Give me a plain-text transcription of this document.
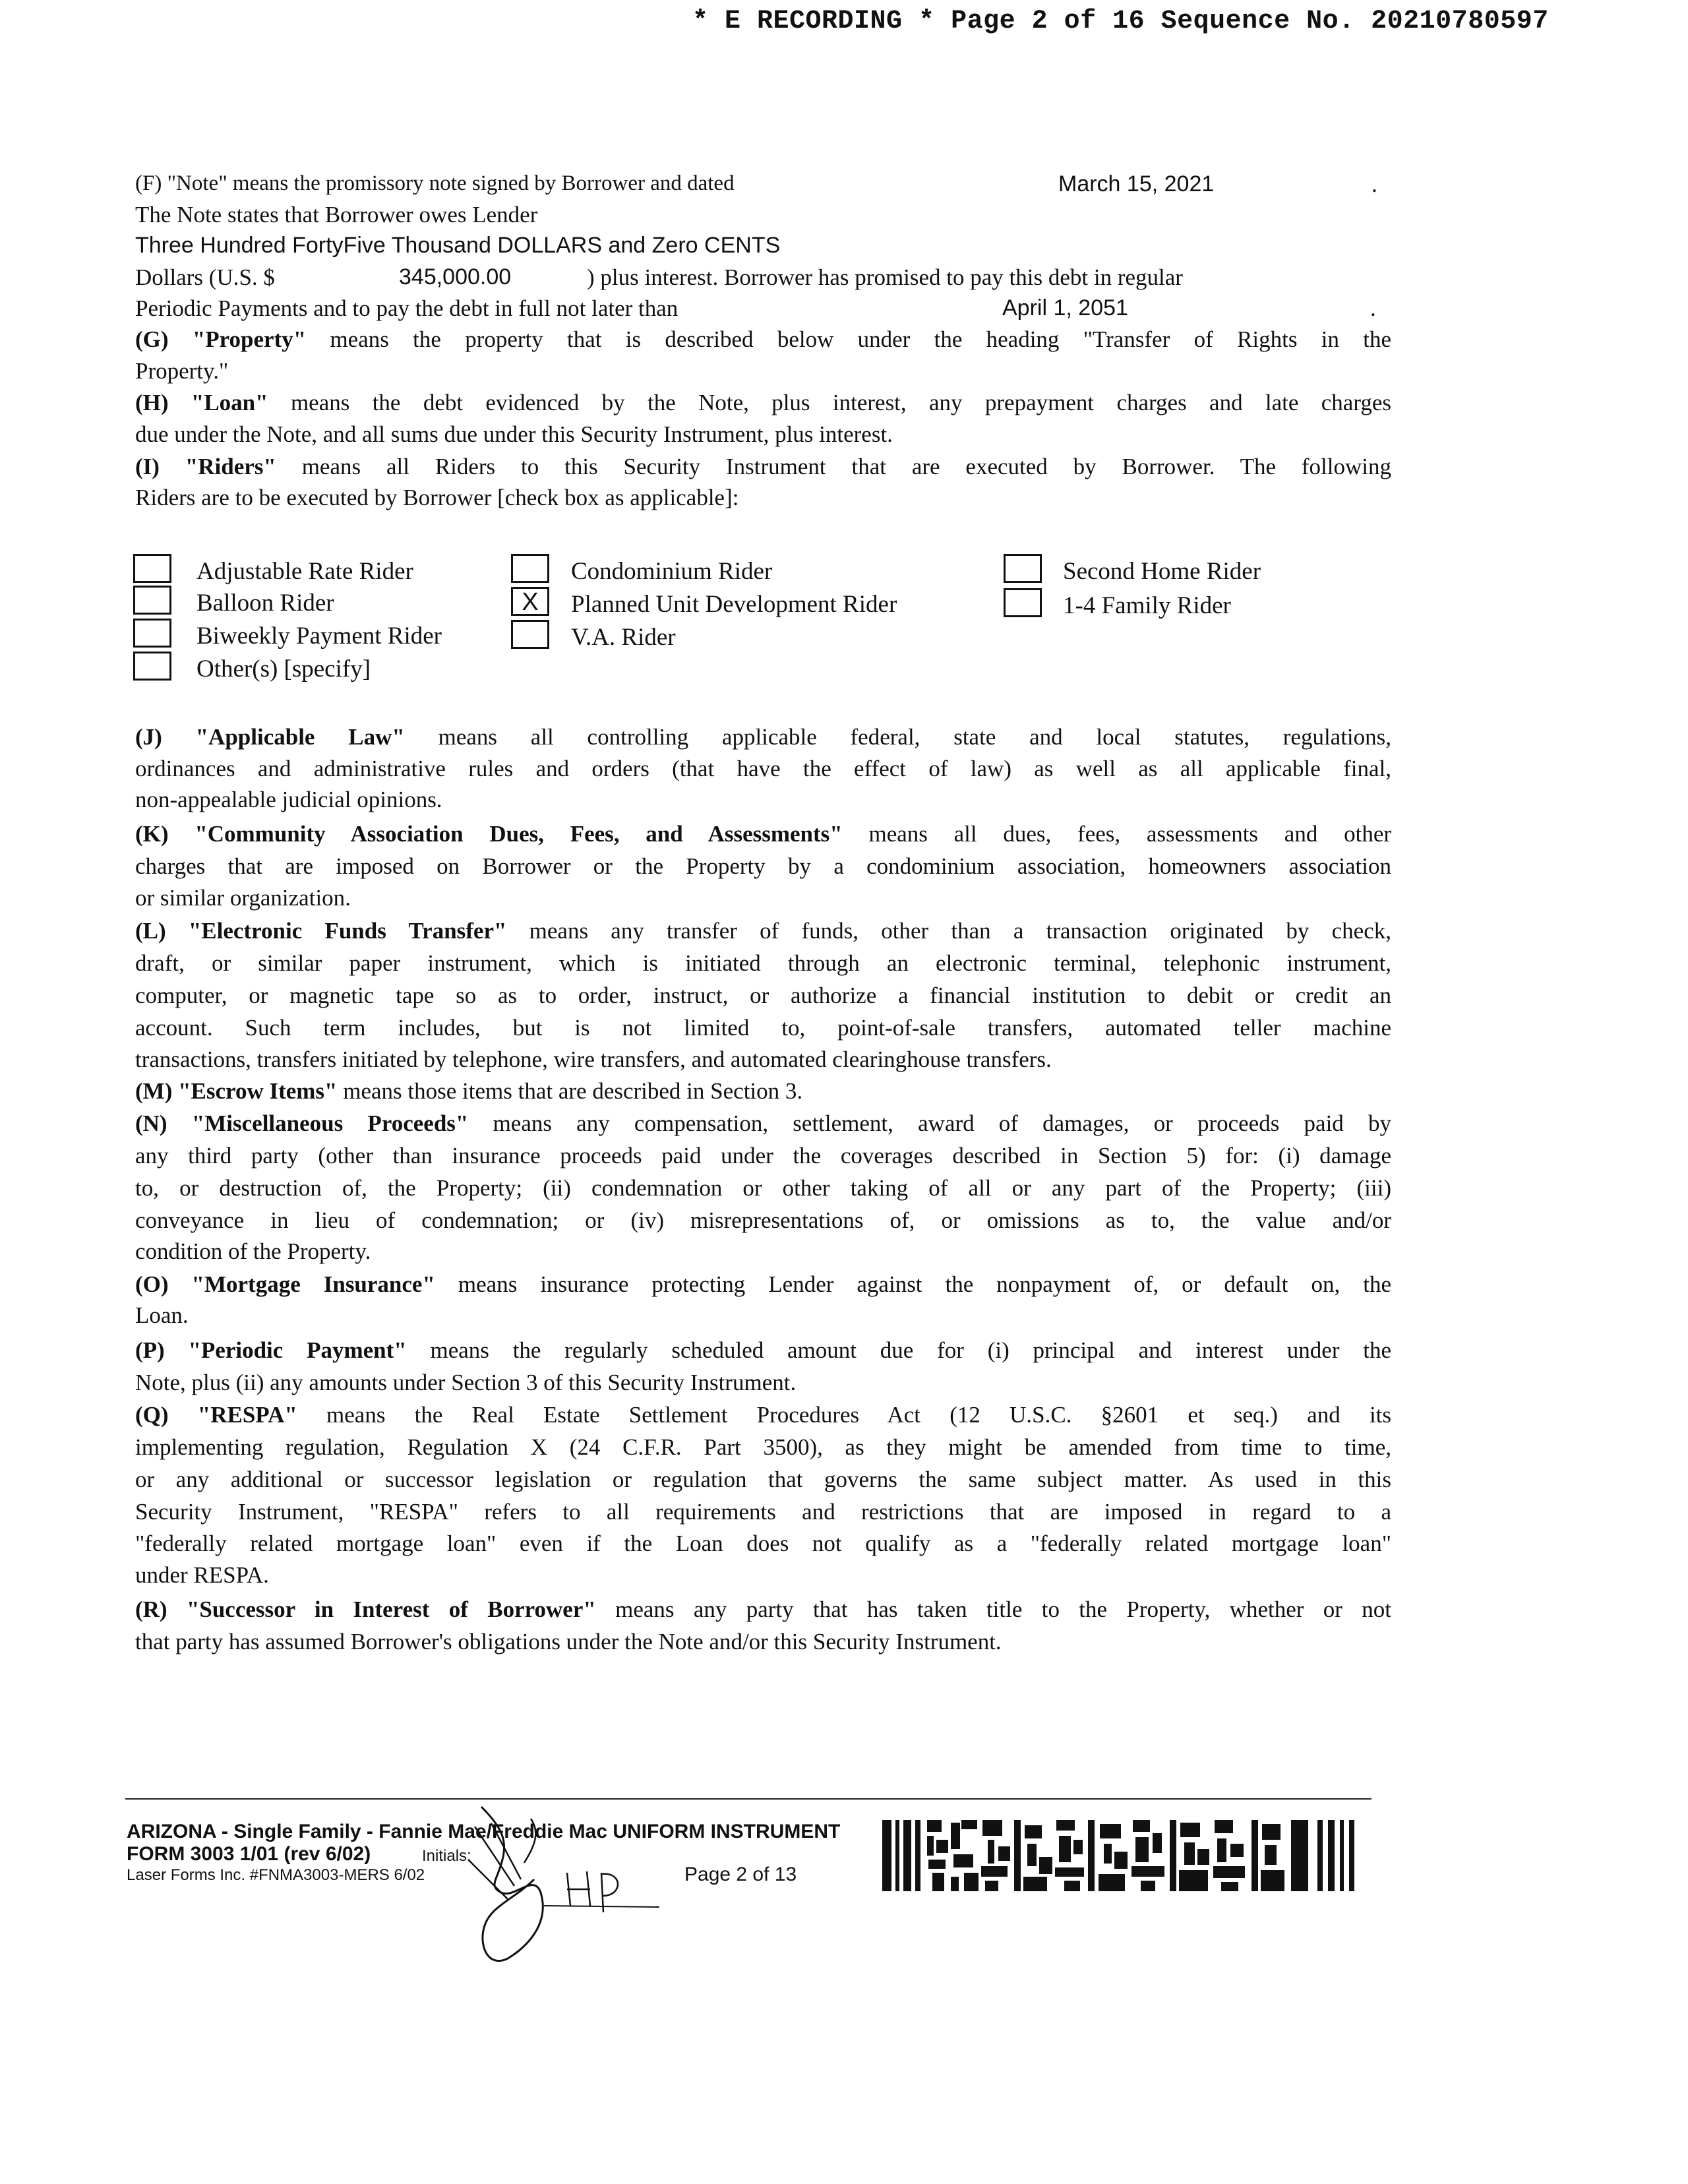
* E RECORDING * Page 2 of 16 Sequence No. 20210780597
(F) "Note" means the promissory note signed by Borrower and dated	March 15, 2021	.
The Note states that Borrower owes Lender
Three Hundred FortyFive Thousand DOLLARS and Zero CENTS
Dollars (U.S. $	345,000.00	) plus interest. Borrower has promised to pay this debt in regular
Periodic Payments and to pay the debt in full not later than	April 1, 2051	.
(G) "Property" means the property that is described below under the heading "Transfer of Rights in the
Property."
(H) "Loan" means the debt evidenced by the Note, plus interest, any prepayment charges and late charges
due under the Note, and all sums due under this Security Instrument, plus interest.
(I) "Riders" means all Riders to this Security Instrument that are executed by Borrower. The following
Riders are to be executed by Borrower [check box as applicable]:
Adjustable Rate Rider
Balloon Rider
Biweekly Payment Rider
Other(s) [specify]
Condominium Rider
X	Planned Unit Development Rider
V.A. Rider
Second Home Rider
1-4 Family Rider
(J) "Applicable Law" means all controlling applicable federal, state and local statutes, regulations,
ordinances and administrative rules and orders (that have the effect of law) as well as all applicable final,
non-appealable judicial opinions.
(K) "Community Association Dues, Fees, and Assessments" means all dues, fees, assessments and other
charges that are imposed on Borrower or the Property by a condominium association, homeowners association
or similar organization.
(L) "Electronic Funds Transfer" means any transfer of funds, other than a transaction originated by check,
draft, or similar paper instrument, which is initiated through an electronic terminal, telephonic instrument,
computer, or magnetic tape so as to order, instruct, or authorize a financial institution to debit or credit an
account. Such term includes, but is not limited to, point-of-sale transfers, automated teller machine
transactions, transfers initiated by telephone, wire transfers, and automated clearinghouse transfers.
(M) "Escrow Items" means those items that are described in Section 3.
(N) "Miscellaneous Proceeds" means any compensation, settlement, award of damages, or proceeds paid by
any third party (other than insurance proceeds paid under the coverages described in Section 5) for: (i) damage
to, or destruction of, the Property; (ii) condemnation or other taking of all or any part of the Property; (iii)
conveyance in lieu of condemnation; or (iv) misrepresentations of, or omissions as to, the value and/or
condition of the Property.
(O) "Mortgage Insurance" means insurance protecting Lender against the nonpayment of, or default on, the
Loan.
(P) "Periodic Payment" means the regularly scheduled amount due for (i) principal and interest under the
Note, plus (ii) any amounts under Section 3 of this Security Instrument.
(Q) "RESPA" means the Real Estate Settlement Procedures Act (12 U.S.C. §2601 et seq.) and its
implementing regulation, Regulation X (24 C.F.R. Part 3500), as they might be amended from time to time,
or any additional or successor legislation or regulation that governs the same subject matter. As used in this
Security Instrument, "RESPA" refers to all requirements and restrictions that are imposed in regard to a
"federally related mortgage loan" even if the Loan does not qualify as a "federally related mortgage loan"
under RESPA.
(R) "Successor in Interest of Borrower" means any party that has taken title to the Property, whether or not
that party has assumed Borrower's obligations under the Note and/or this Security Instrument.
ARIZONA - Single Family - Fannie Mae/Freddie Mac UNIFORM INSTRUMENT
FORM 3003 1/01 (rev 6/02)	Initials:
Laser Forms Inc. #FNMA3003-MERS 6/02	Page 2 of 13
